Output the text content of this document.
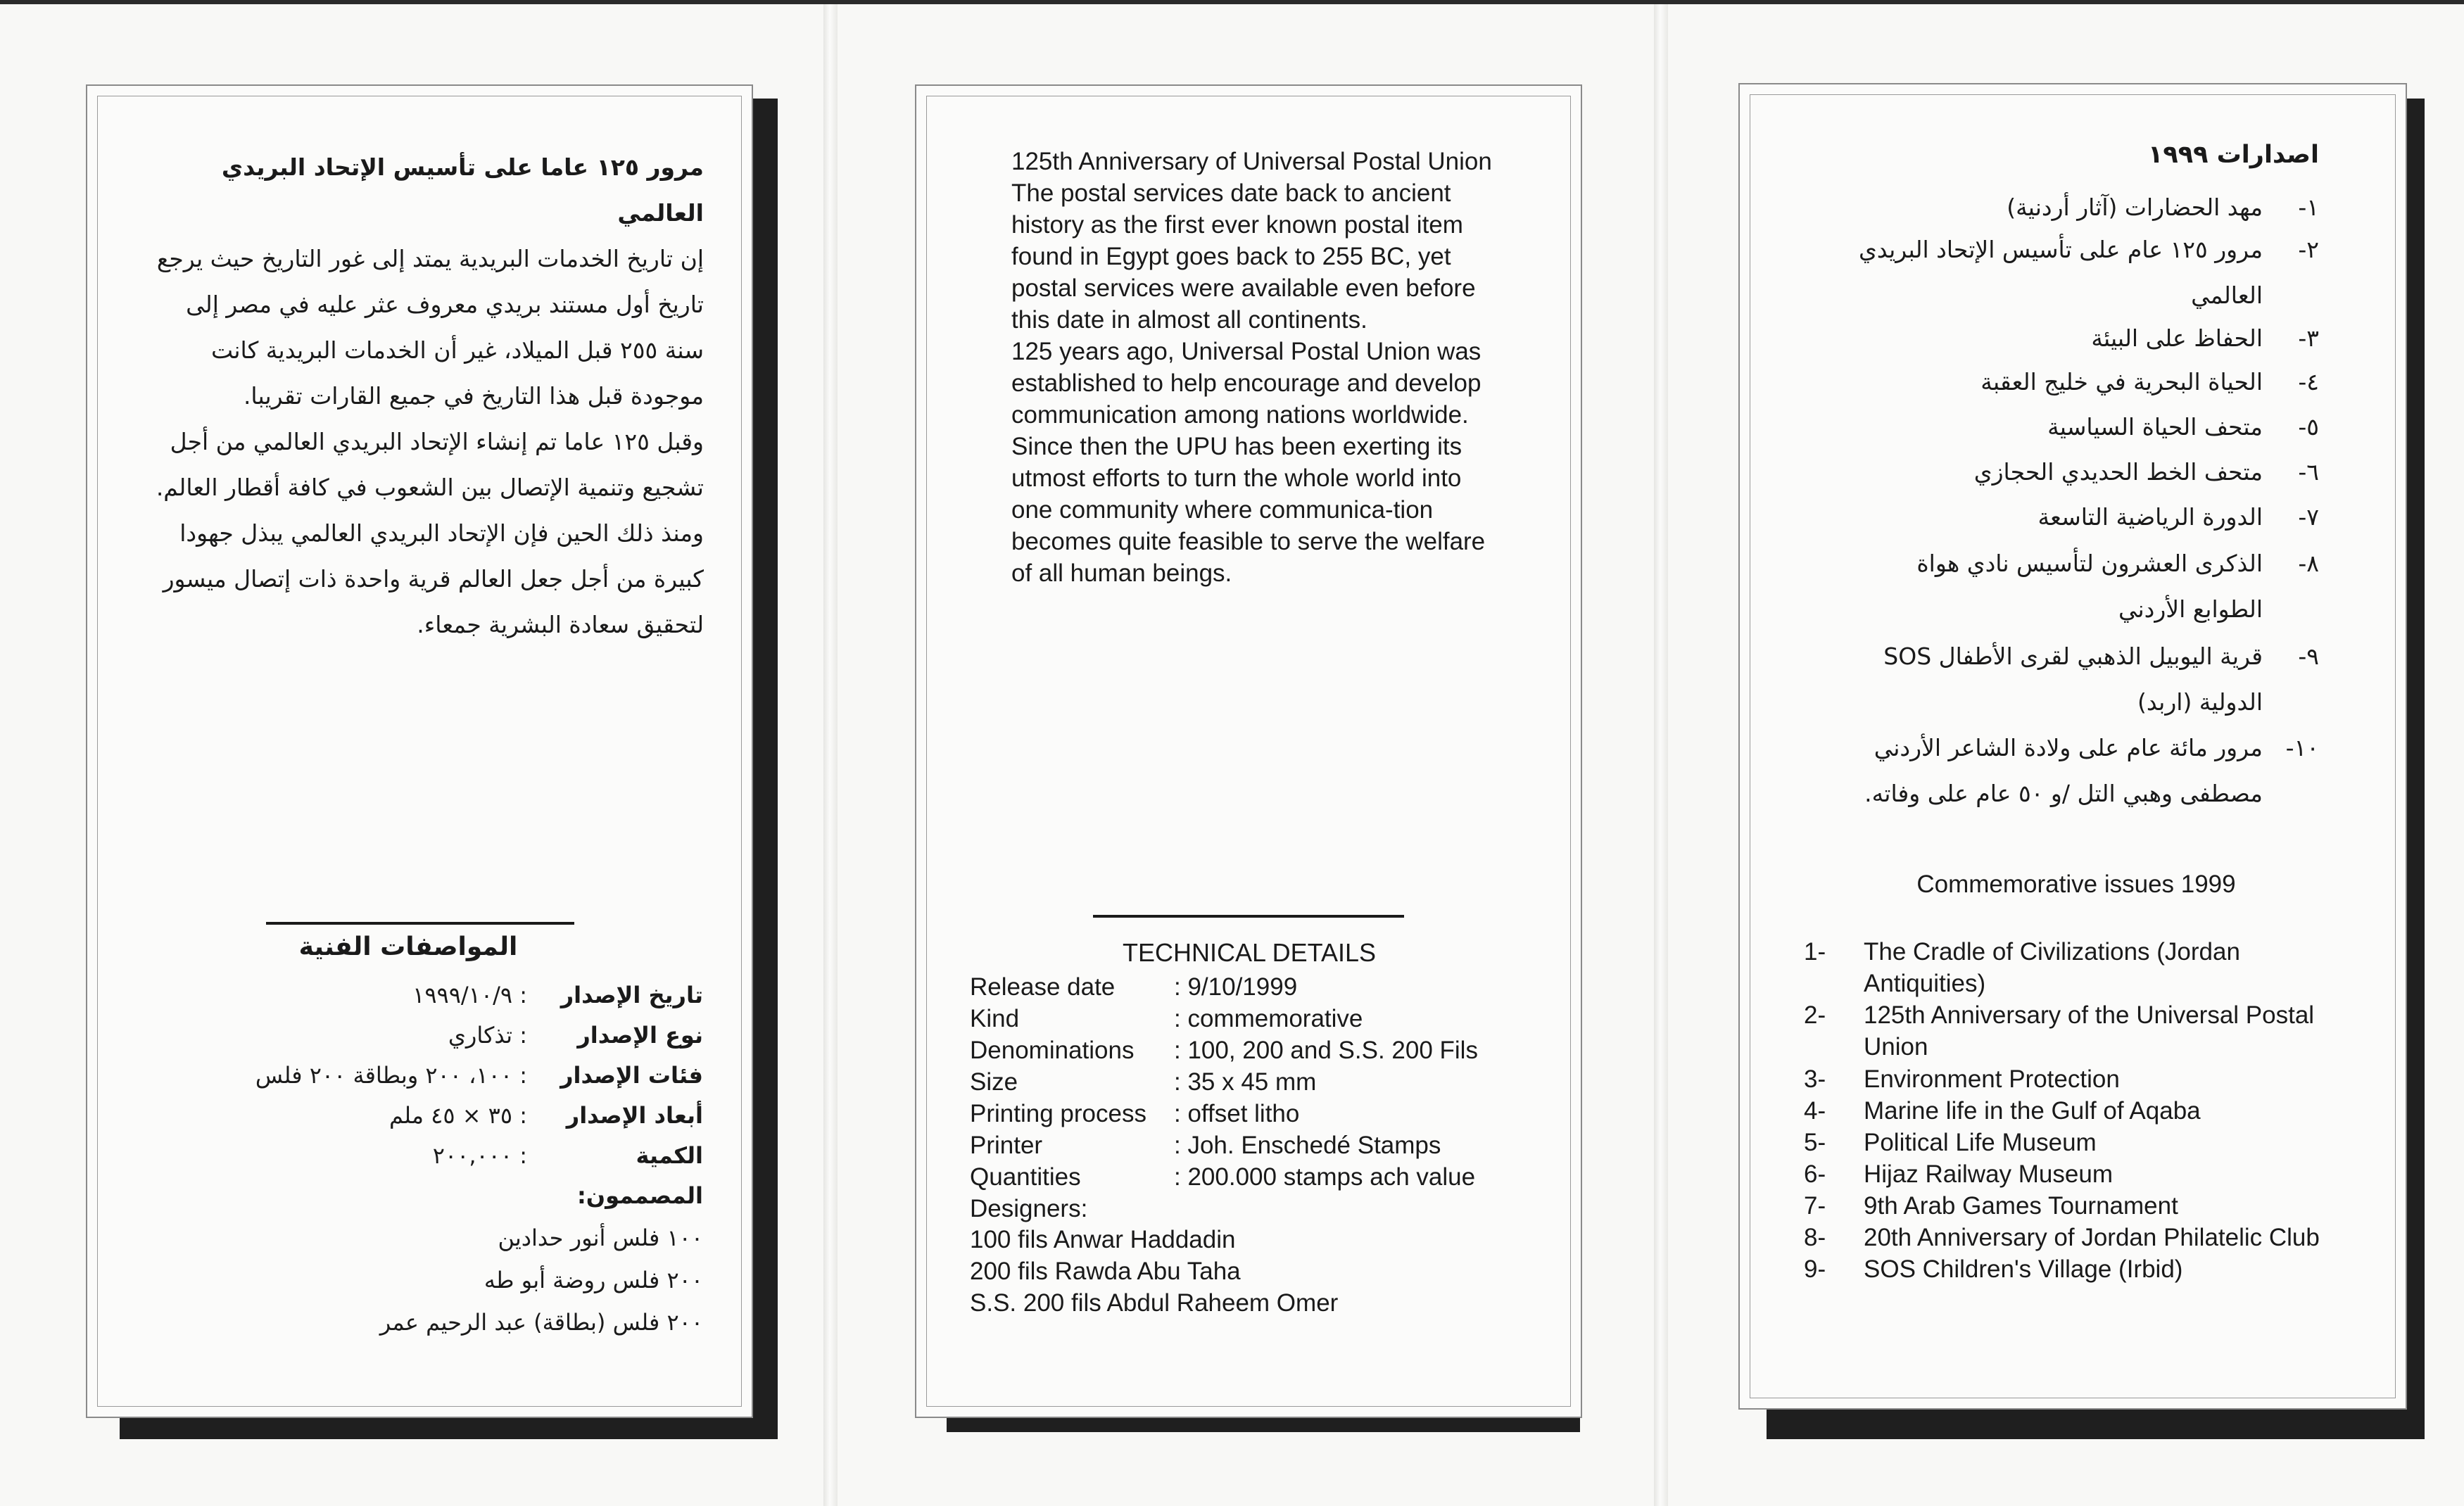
مرور ١٢٥ عاما على تأسيس الإتحاد البريدي العالمي

إن تاريخ الخدمات البريدية يمتد إلى غور التاريخ حيث يرجع تاريخ أول مستند بريدي معروف عثر عليه في مصر إلى سنة ٢٥٥ قبل الميلاد، غير أن الخدمات البريدية كانت موجودة قبل هذا التاريخ في جميع القارات تقريبا.

وقبل ١٢٥ عاما تم إنشاء الإتحاد البريدي العالمي من أجل تشجيع وتنمية الإتصال بين الشعوب في كافة أقطار العالم.

ومنذ ذلك الحين فإن الإتحاد البريدي العالمي يبذل جهودا كبيرة من أجل جعل العالم قرية واحدة ذات إتصال ميسور لتحقيق سعادة البشرية جمعاء.

المواصفات الفنية
تاريخ الإصدار
: ١٩٩٩/١٠/٩
نوع الإصدار
: تذكاري
فئات الإصدار
: ١٠٠، ٢٠٠ وبطاقة ٢٠٠ فلس
أبعاد الإصدار
: ٣٥ × ٤٥ ملم
الكمية
: ٢٠٠,٠٠٠
المصممون:
١٠٠ فلس أنور حدادين
٢٠٠ فلس روضة أبو طه
٢٠٠ فلس (بطاقة) عبد الرحيم عمر

125th Anniversary of Universal Postal Union

The postal services date back to ancient history as the first ever known postal item found in Egypt goes back to 255 BC, yet postal services were available even before this date in almost all continents.

125 years ago, Universal Postal Union was established to help encourage and develop communication among nations worldwide.

Since then the UPU has been exerting its utmost efforts to turn the whole world into one community where communica-tion becomes quite feasible to serve the welfare of all human beings.

TECHNICAL DETAILS
Release date : 9/10/1999
Kind	: commemorative
Denominations : 100, 200 and S.S. 200 Fils
Size	: 35 x 45 mm
Printing process : offset litho
Printer	: Joh. Enschedé Stamps
Quantities	: 200.000 stamps ach value
Designers:
100 fils Anwar Haddadin
200 fils Rawda Abu Taha
S.S. 200 fils Abdul Raheem Omer
اصدارات ١٩٩٩
١-
مهد الحضارات (آثار أردنية)
٢-
مرور ١٢٥ عام على تأسيس الإتحاد البريدي العالمي
٣-
الحفاظ على البيئة
٤-
الحياة البحرية في خليج العقبة
٥-
متحف الحياة السياسية
٦-
متحف الخط الحديدي الحجازي
٧-
الدورة الرياضية التاسعة
٨-
الذكرى العشرون لتأسيس نادي هواة الطوابع الأردني
٩-
قرية اليوبيل الذهبي لقرى الأطفال SOS الدولية (اربد)
١٠-
مرور مائة عام على ولادة الشاعر الأردني مصطفى وهبي التل /و ٥٠ عام على وفاته.
Commemorative issues 1999
1-	The Cradle of Civilizations (Jordan Antiquities)
2-	125th Anniversary of the Universal Postal Union
3-	Environment Protection
4-	Marine life in the Gulf of Aqaba
5-	Political Life Museum
6-	Hijaz Railway Museum
7-	9th Arab Games Tournament
8-	20th Anniversary of Jordan Philatelic Club
9-	SOS Children's Village (Irbid)
